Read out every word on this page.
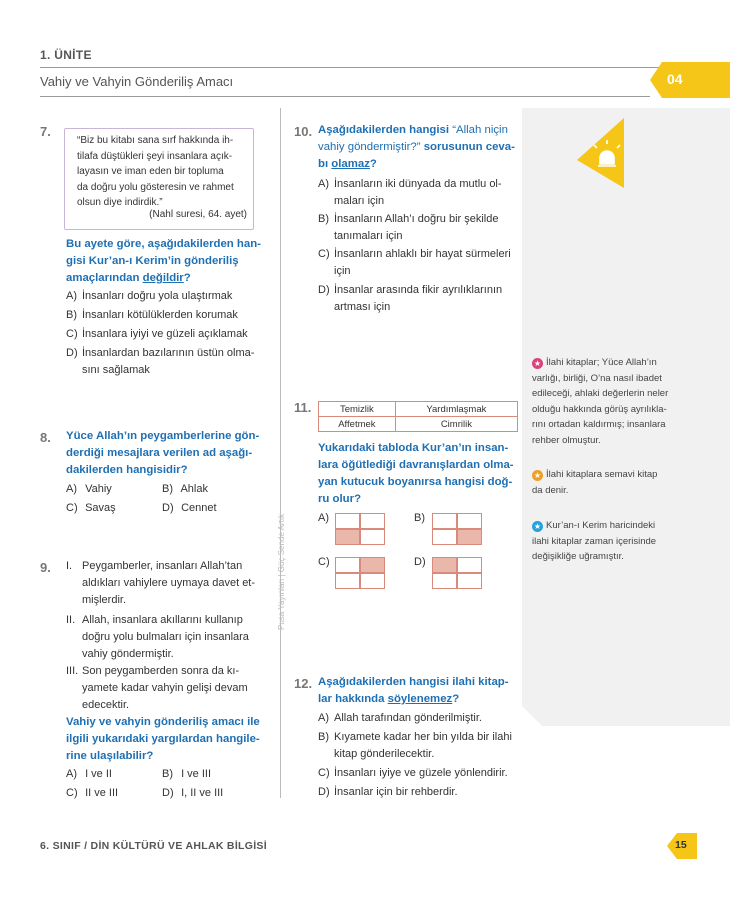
1. ÜNİTE
Vahiy ve Vahyin Gönderiliş Amacı	04
Pusa Yayınları | Güç Sende Artık
7.
“Biz bu kitabı sana sırf hakkında ih-
tilafa düştükleri şeyi insanlara açık-
layasın ve iman eden bir topluma
da doğru yolu gösteresin ve rahmet
olsun diye indirdik.”
(Nahl suresi, 64. ayet)
Bu ayete göre, aşağıdakilerden han-
gisi Kur’an-ı Kerim’in gönderiliş
amaçlarından değildir?
A) İnsanları doğru yola ulaştırmak
B) İnsanları kötülüklerden korumak
C) İnsanlara iyiyi ve güzeli açıklamak
D) İnsanlardan bazılarının üstün olma-
sını sağlamak
8. Yüce Allah’ın peygamberlerine gön-
derdiği mesajlara verilen ad aşağı-
dakilerden hangisidir?
A) Vahiy	B) Ahlak
C) Savaş	D) Cennet
9. I. Peygamberler, insanları Allah’tan
aldıkları vahiylere uymaya davet et-
mişlerdir.
II. Allah, insanlara akıllarını kullanıp
doğru yolu bulmaları için insanlara
vahiy göndermiştir.
III. Son peygamberden sonra da kı-
yamete kadar vahyin gelişi devam
edecektir.
Vahiy ve vahyin gönderiliş amacı ile
ilgili yukarıdaki yargılardan hangile-
rine ulaşılabilir?
A) I ve II	B) I ve III
C) II ve III	D) I, II ve III
10. Aşağıdakilerden hangisi “Allah niçin
vahiy göndermiştir?” sorusunun ceva-
bı olamaz?
A) İnsanların iki dünyada da mutlu ol-
maları için
B) İnsanların Allah’ı doğru bir şekilde
tanımaları için
C) İnsanların ahlaklı bir hayat sürmeleri
için
D) İnsanlar arasında fikir ayrılıklarının
artması için
11.	Temizlik	Yardımlaşmak
Affetmek	Cimrilik
Yukarıdaki tabloda Kur’an’ın insan-
lara öğütlediği davranışlardan olma-
yan kutucuk boyanırsa hangisi doğ-
ru olur?
A)	B)
C)	D)
12. Aşağıdakilerden hangisi ilahi kitap-
lar hakkında söylenemez?
A) Allah tarafından gönderilmiştir.
B) Kıyamete kadar her bin yılda bir ilahi
kitap gönderilecektir.
C) İnsanları iyiye ve güzele yönlendirir.
D) İnsanlar için bir rehberdir.
★ İlahi kitaplar; Yüce Allah’ın
varlığı, birliği, O’na nasıl ibadet
edileceği, ahlaki değerlerin neler
olduğu hakkında görüş ayrılıkla-
rını ortadan kaldırmış; insanlara
rehber olmuştur.
★ İlahi kitaplara semavi kitap
da denir.
★ Kur’an-ı Kerim haricindeki
ilahi kitaplar zaman içerisinde
değişikliğe uğramıştır.
6. SINIF / DİN KÜLTÜRÜ VE AHLAK BİLGİSİ	15
